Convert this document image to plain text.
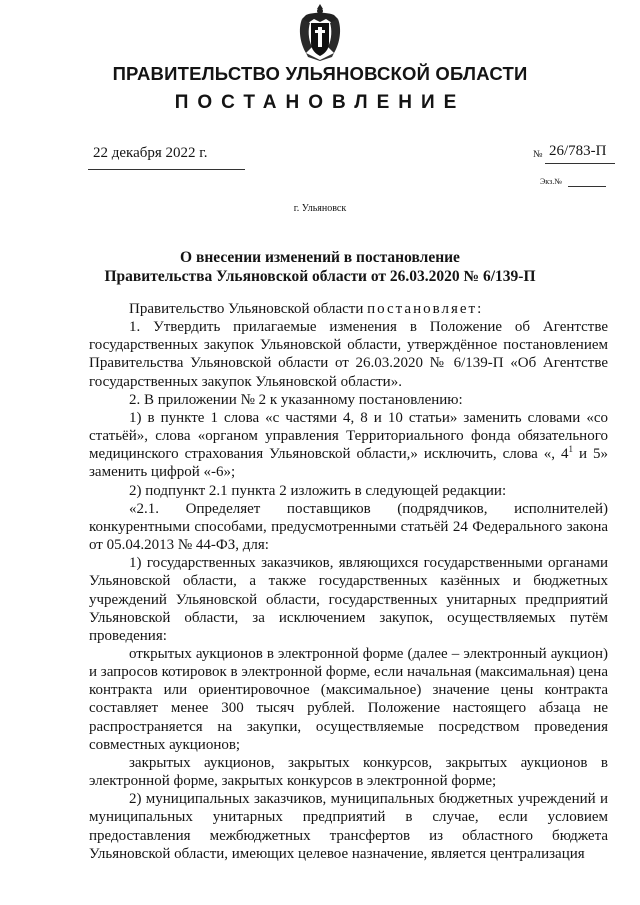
ПРАВИТЕЛЬСТВО УЛЬЯНОВСКОЙ ОБЛАСТИ
ПОСТАНОВЛЕНИЕ
22 декабря 2022 г.	№ 26/783-П
Экз.№
г. Ульяновск
О внесении изменений в постановление
Правительства Ульяновской области от 26.03.2020 № 6/139-П

Правительство Ульяновской области постановляет:

1. Утвердить прилагаемые изменения в Положение об Агентстве государственных закупок Ульяновской области, утверждённое постановлением Правительства Ульяновской области от 26.03.2020 № 6/139-П «Об Агентстве государственных закупок Ульяновской области».

2. В приложении № 2 к указанному постановлению:

1) в пункте 1 слова «с частями 4, 8 и 10 статьи» заменить словами «со статьёй», слова «органом управления Территориального фонда обязательного медицинского страхования Ульяновской области,» исключить, слова «, $4^1$ и 5» заменить цифрой «-6»;

2) подпункт 2.1 пункта 2 изложить в следующей редакции:

«2.1. Определяет поставщиков (подрядчиков, исполнителей) конкурентными способами, предусмотренными статьёй 24 Федерального закона от 05.04.2013 № 44-ФЗ, для:

1) государственных заказчиков, являющихся государственными органами Ульяновской области, а также государственных казённых и бюджетных учреждений Ульяновской области, государственных унитарных предприятий Ульяновской области, за исключением закупок, осуществляемых путём проведения:

открытых аукционов в электронной форме (далее – электронный аукцион) и запросов котировок в электронной форме, если начальная (максимальная) цена контракта или ориентировочное (максимальное) значение цены контракта составляет менее 300 тысяч рублей. Положение настоящего абзаца не распространяется на закупки, осуществляемые посредством проведения совместных аукционов;

закрытых аукционов, закрытых конкурсов, закрытых аукционов в электронной форме, закрытых конкурсов в электронной форме;

2) муниципальных заказчиков, муниципальных бюджетных учреждений и муниципальных унитарных предприятий в случае, если условием предоставления межбюджетных трансфертов из областного бюджета Ульяновской области, имеющих целевое назначение, является централизация
